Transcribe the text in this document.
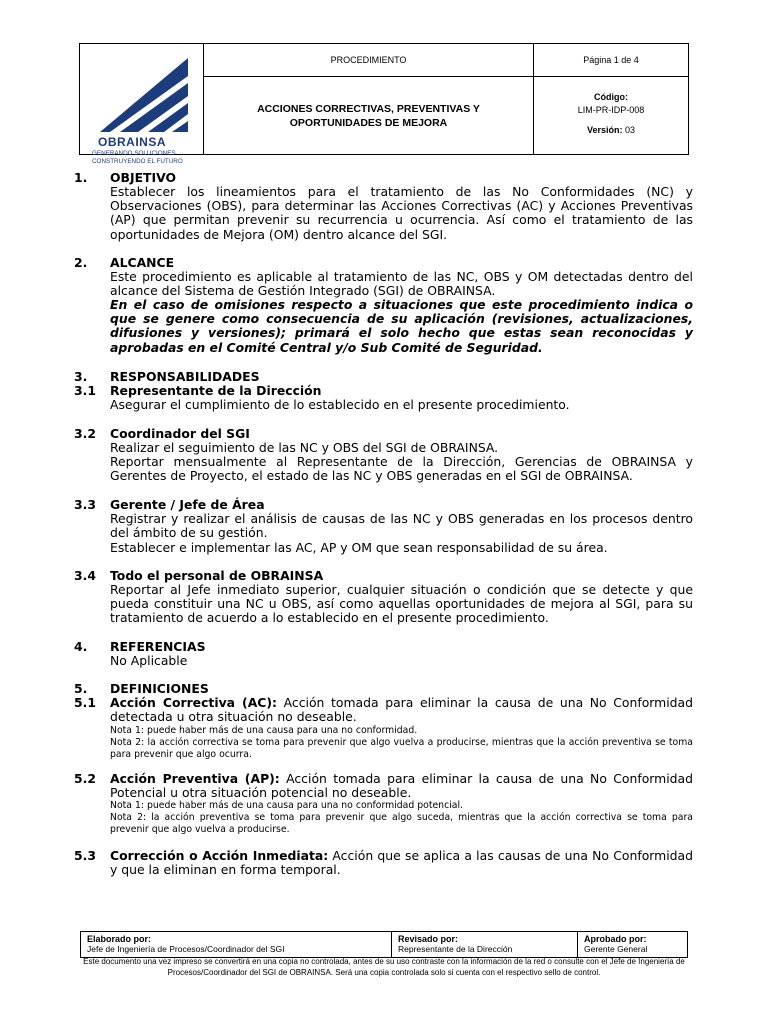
OBRAINSA
GENERANDO SOLUCIONES
CONSTRUYENDO EL FUTURO
PROCEDIMIENTO	Página 1 de 4
ACCIONES CORRECTIVAS, PREVENTIVAS Y OPORTUNIDADES DE MEJORA
Código:
LIM-PR-IDP-008
Versión: 03
1. OBJETIVO
Establecer los lineamientos para el tratamiento de las No Conformidades (NC) y Observaciones (OBS), para determinar las Acciones Correctivas (AC) y Acciones Preventivas (AP) que permitan prevenir su recurrencia u ocurrencia. Así como el tratamiento de las oportunidades de Mejora (OM) dentro alcance del SGI.
2. ALCANCE
Este procedimiento es aplicable al tratamiento de las NC, OBS y OM detectadas dentro del alcance del Sistema de Gestión Integrado (SGI) de OBRAINSA.
En el caso de omisiones respecto a situaciones que este procedimiento indica o que se genere como consecuencia de su aplicación (revisiones, actualizaciones, difusiones y versiones); primará el solo hecho que estas sean reconocidas y aprobadas en el Comité Central y/o Sub Comité de Seguridad.
3. RESPONSABILIDADES
3.1 Representante de la Dirección
Asegurar el cumplimiento de lo establecido en el presente procedimiento.
3.2 Coordinador del SGI
Realizar el seguimiento de las NC y OBS del SGI de OBRAINSA.
Reportar mensualmente al Representante de la Dirección, Gerencias de OBRAINSA y Gerentes de Proyecto, el estado de las NC y OBS generadas en el SGI de OBRAINSA.
3.3 Gerente / Jefe de Área
Registrar y realizar el análisis de causas de las NC y OBS generadas en los procesos dentro del ámbito de su gestión.
Establecer e implementar las AC, AP y OM que sean responsabilidad de su área.
3.4 Todo el personal de OBRAINSA
Reportar al Jefe inmediato superior, cualquier situación o condición que se detecte y que pueda constituir una NC u OBS, así como aquellas oportunidades de mejora al SGI, para su tratamiento de acuerdo a lo establecido en el presente procedimiento.
4. REFERENCIAS
No Aplicable
5. DEFINICIONES
5.1 Acción Correctiva (AC): Acción tomada para eliminar la causa de una No Conformidad detectada u otra situación no deseable.
Nota 1: puede haber más de una causa para una no conformidad.
Nota 2: la acción correctiva se toma para prevenir que algo vuelva a producirse, mientras que la acción preventiva se toma para prevenir que algo ocurra.
5.2 Acción Preventiva (AP): Acción tomada para eliminar la causa de una No Conformidad Potencial u otra situación potencial no deseable.
Nota 1: puede haber más de una causa para una no conformidad potencial.
Nota 2: la acción preventiva se toma para prevenir que algo suceda, mientras que la acción correctiva se toma para prevenir que algo vuelva a producirse.
5.3 Corrección o Acción Inmediata: Acción que se aplica a las causas de una No Conformidad y que la eliminan en forma temporal.
Elaborado por:
Jefe de Ingeniería de Procesos/Coordinador del SGI
Revisado por:
Representante de la Dirección
Aprobado por:
Gerente General
Este documento una vez impreso se convertirá en una copia no controlada, antes de su uso contraste con la información de la red o consulte con el Jefe de Ingeniería de Procesos/Coordinador del SGI de OBRAINSA. Será una copia controlada solo si cuenta con el respectivo sello de control.
